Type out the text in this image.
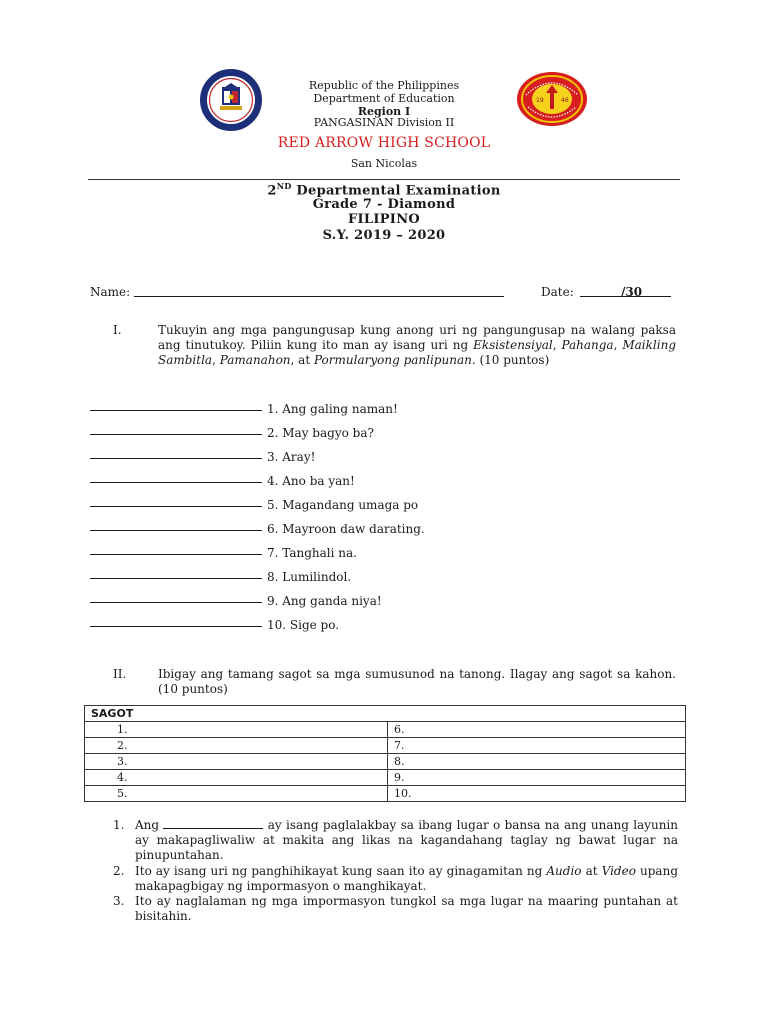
19	46
Republic of the Philippines
Department of Education
Region I
PANGASINAN Division II
RED ARROW HIGH SCHOOL
San Nicolas
2ND Departmental Examination
Grade 7 - Diamond
FILIPINO
S.Y. 2019 – 2020
Name:	Date:	/30
I.	Tukuyin ang mga pangungusap kung anong uri ng pangungusap na walang paksa ang tinutukoy. Piliin kung ito man ay isang uri ng Eksistensiyal, Pahanga, Maikling Sambitla, Pamanahon, at Pormularyong panlipunan. (10 puntos)
1. Ang galing naman!
2. May bagyo ba?
3. Aray!
4. Ano ba yan!
5. Magandang umaga po
6. Mayroon daw darating.
7. Tanghali na.
8. Lumilindol.
9. Ang ganda niya!
10. Sige po.
II.	Ibigay ang tamang sagot sa mga sumusunod na tanong. Ilagay ang sagot sa kahon. (10 puntos)
SAGOT	
1.	6.
2.	7.
3.	8.
4.	9.
5.	10.
1. Ang	ay isang paglalakbay sa ibang lugar o bansa na ang unang layunin ay makapagliwaliw at makita ang likas na kagandahang taglay ng bawat lugar na pinupuntahan.
2. Ito ay isang uri ng panghihikayat kung saan ito ay ginagamitan ng Audio at Video upang makapagbigay ng impormasyon o manghikayat.
3. Ito ay naglalaman ng mga impormasyon tungkol sa mga lugar na maaring puntahan at bisitahin.
